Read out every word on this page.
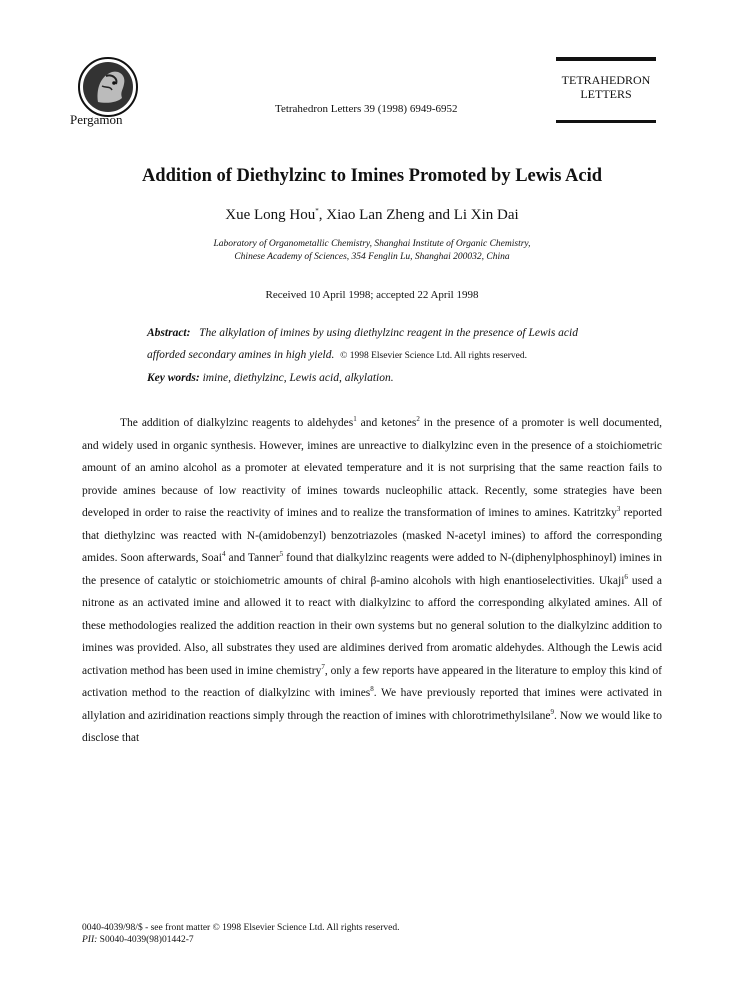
Pergamon
Tetrahedron Letters 39 (1998) 6949-6952
TETRAHEDRON
LETTERS
Addition of Diethylzinc to Imines Promoted by Lewis Acid
Xue Long Hou*, Xiao Lan Zheng and Li Xin Dai
Laboratory of Organometallic Chemistry, Shanghai Institute of Organic Chemistry,
Chinese Academy of Sciences, 354 Fenglin Lu, Shanghai 200032, China
Received 10 April 1998; accepted 22 April 1998
Abstract: The alkylation of imines by using diethylzinc reagent in the presence of Lewis acid afforded secondary amines in high yield. © 1998 Elsevier Science Ltd. All rights reserved.
Key words: imine, diethylzinc, Lewis acid, alkylation.

The addition of dialkylzinc reagents to aldehydes$^1$ and ketones$^2$ in the presence of a promoter is well documented, and widely used in organic synthesis. However, imines are unreactive to dialkylzinc even in the presence of a stoichiometric amount of an amino alcohol as a promoter at elevated temperature and it is not surprising that the same reaction fails to provide amines because of low reactivity of imines towards nucleophilic attack. Recently, some strategies have been developed in order to raise the reactivity of imines and to realize the transformation of imines to amines. Katritzky$^3$ reported that diethylzinc was reacted with N-(amidobenzyl) benzotriazoles (masked N-acetyl imines) to afford the corresponding amides. Soon afterwards, Soai$^4$ and Tanner$^5$ found that dialkylzinc reagents were added to N-(diphenylphosphinoyl) imines in the presence of catalytic or stoichiometric amounts of chiral β-amino alcohols with high enantioselectivities. Ukaji$^6$ used a nitrone as an activated imine and allowed it to react with dialkylzinc to afford the corresponding alkylated amines. All of these methodologies realized the addition reaction in their own systems but no general solution to the dialkylzinc addition to imines was provided. Also, all substrates they used are aldimines derived from aromatic aldehydes. Although the Lewis acid activation method has been used in imine chemistry$^7$, only a few reports have appeared in the literature to employ this kind of activation method to the reaction of dialkylzinc with imines$^8$. We have previously reported that imines were activated in allylation and aziridination reactions simply through the reaction of imines with chlorotrimethylsilane$^9$. Now we would like to disclose that

0040-4039/98/$ - see front matter © 1998 Elsevier Science Ltd. All rights reserved.
PII: S0040-4039(98)01442-7
